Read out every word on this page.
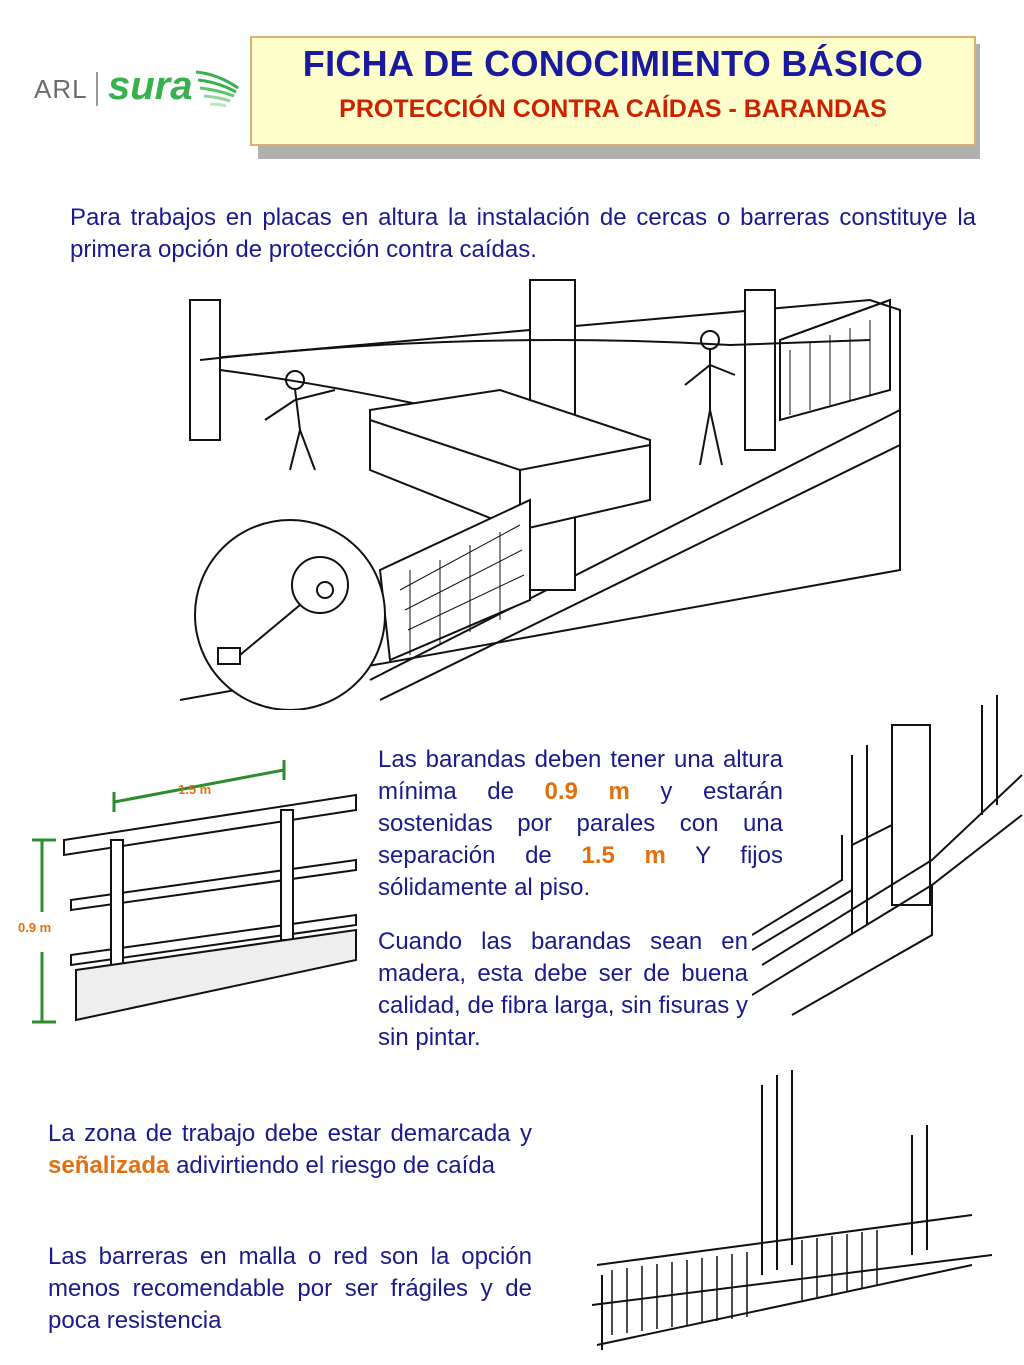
ARL sura
FICHA DE CONOCIMIENTO BÁSICO
PROTECCIÓN CONTRA CAÍDAS - BARANDAS
Para trabajos en placas en altura la instalación de cercas o barreras constituye la primera opción de protección contra caídas.
1.5 m
0.9 m
Las barandas deben tener una altura mínima de 0.9 m y estarán sostenidas por parales con una separación de 1.5 m Y fijos sólidamente al piso.
Cuando las barandas sean en madera, esta debe ser de buena calidad, de fibra larga, sin fisuras y sin pintar.
La zona de trabajo debe estar demarcada y señalizada adivirtiendo el riesgo de caída
Las barreras en malla o red son la opción menos recomendable por ser frágiles y de poca resistencia
